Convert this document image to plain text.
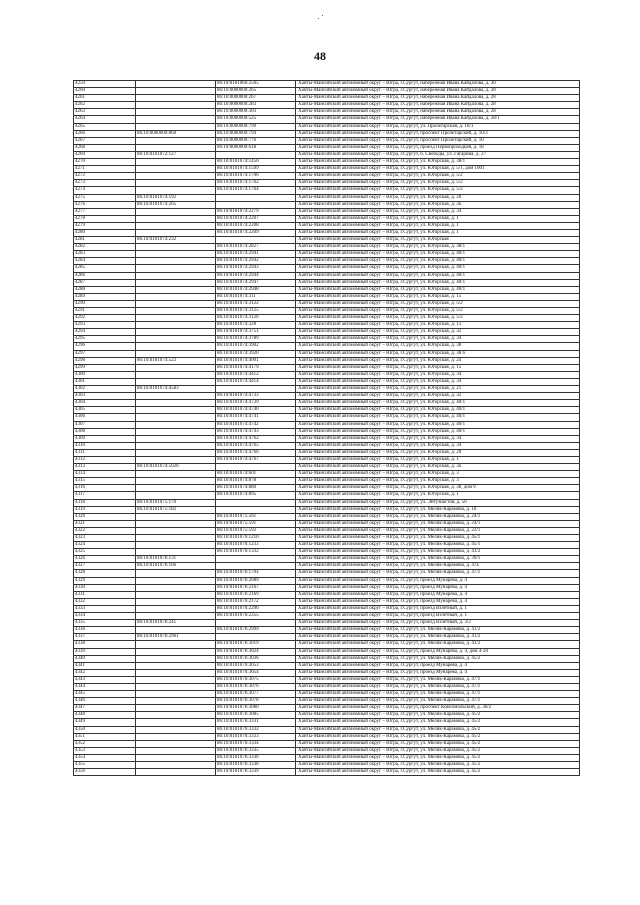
48
4259		86:10:0101066:2505	Ханты-Мансийский автономный округ – Югра, г.Сургут, набережная Ивана Кайдалова, д. 30
4260		86:10:0000000:265	Ханты-Мансийский автономный округ – Югра, г.Сургут, набережная Ивана Кайдалова, д. 28
4261		86:10:0000000:267	Ханты-Мансийский автономный округ – Югра, г.Сургут, набережная Ивана Кайдалова, д. 28
4262		86:10:0000000:283	Ханты-Мансийский автономный округ – Югра, г.Сургут, набережная Ивана Кайдалова, д. 28
4263		86:10:0000000:303	Ханты-Мансийский автономный округ – Югра, г.Сургут, набережная Ивана Кайдалова, д. 28
4264		86:10:0000000:525	Ханты-Мансийский автономный округ – Югра, г.Сургут, набережная Ивана Кайдалова, д. 28/1
4265		86:10:0000000:799	Ханты-Мансийский автономный округ – Югра, г.Сургут, ул. Пролетарская, д. 10/1
4266	86:10:0000000:860	86:10:0000000:794	Ханты-Мансийский автономный округ – Югра, г.Сургут, проспект Пролетарский, д. 10/3
4267		86:10:0000000:776	Ханты-Мансийский автономный округ – Югра, г.Сургут, проспект Пролетарский, д. 10
4268		86:10:0000000:618	Ханты-Мансийский автономный округ – Югра, г.Сургут, проезд Первопроходцев, д. 18
4269	86:10:0101072:127		Ханты-Мансийский автономный округ – Югра, г.Сургут, б. Свободы, ул. Гагарина, д. 27
4270		86:10:0101074:1450	Ханты-Мансийский автономный округ – Югра, г.Сургут, ул. Югорская, д. 38/1
4271		86:10:0101074:1599	Ханты-Мансийский автономный округ – Югра, г.Сургут, ул. Югорская, д. 5/1, дом 1001
4272		86:10:0101074:1706	Ханты-Мансийский автономный округ – Югра, г.Сургут, ул. Югорская, д. 5/2
4273		86:10:0101074:1762	Ханты-Мансийский автономный округ – Югра, г.Сургут, ул. Югорская, д. 5/2
4274		86:10:0101074:1764	Ханты-Мансийский автономный округ – Югра, г.Сургут, ул. Югорская, д. 5/2
4275	86:10:0101074:192		Ханты-Мансийский автономный округ – Югра, г.Сургут, ул. Югорская, д. 20
4276	86:10:0101074:205		Ханты-Мансийский автономный округ – Югра, г.Сургут, ул. Югорская, д. 3а
4277		86:10:0101074:2279	Ханты-Мансийский автономный округ – Югра, г.Сургут, ул. Югорская, д. 34
4278		86:10:0101074:2207	Ханты-Мансийский автономный округ – Югра, г.Сургут, ул. Югорская, д. 1
4279		86:10:0101074:2208	Ханты-Мансийский автономный округ – Югра, г.Сургут, ул. Югорская, д. 1
4280		86:10:0101074:2209	Ханты-Мансийский автономный округ – Югра, г.Сургут, ул. Югорская, д. 1
4281	86:10:0101074:232		Ханты-Мансийский автономный округ – Югра, г.Сургут, ул. Югорская
4282		86:10:0101074:2827	Ханты-Мансийский автономный округ – Югра, г.Сургут, ул. Югорская, д. 38/1
4283		86:10:0101074:2941	Ханты-Мансийский автономный округ – Югра, г.Сургут, ул. Югорская, д. 40/1
4284		86:10:0101074:2942	Ханты-Мансийский автономный округ – Югра, г.Сургут, ул. Югорская, д. 40/1
4285		86:10:0101074:2943	Ханты-Мансийский автономный округ – Югра, г.Сургут, ул. Югорская, д. 40/1
4286		86:10:0101074:2944	Ханты-Мансийский автономный округ – Югра, г.Сургут, ул. Югорская, д. 40/1
4287		86:10:0101074:2947	Ханты-Мансийский автономный округ – Югра, г.Сургут, ул. Югорская, д. 40/1
4288		86:10:0101074:2948	Ханты-Мансийский автономный округ – Югра, г.Сургут, ул. Югорская, д. 40/1
4289		86:10:0101074:311	Ханты-Мансийский автономный округ – Югра, г.Сургут, ул. Югорская, д. 15
4290		86:10:0101074:3122	Ханты-Мансийский автономный округ – Югра, г.Сургут, ул. Югорская, д. 5/2
4291		86:10:0101074:3125	Ханты-Мансийский автономный округ – Югра, г.Сургут, ул. Югорская, д. 5/2
4292		86:10:0101074:3126	Ханты-Мансийский автономный округ – Югра, г.Сургут, ул. Югорская, д. 5/2
4293		86:10:0101074:328	Ханты-Мансийский автономный округ – Югра, г.Сургут, ул. Югорская, д. 13
4294		86:10:0101074:3751	Ханты-Мансийский автономный округ – Югра, г.Сургут, ул. Югорская, д. 32
4295		86:10:0101074:3789	Ханты-Мансийский автономный округ – Югра, г.Сургут, ул. Югорская, д. 34
4296		86:10:0101074:3902	Ханты-Мансийский автономный округ – Югра, г.Сургут, ул. Югорская, д. 38
4297		86:10:0101074:3920	Ханты-Мансийский автономный округ – Югра, г.Сургут, ул. Югорская, д. 38 б
4298	86:10:0101074:522	86:10:0101074:4001	Ханты-Мансийский автономный округ – Югра, г.Сургут, ул. Югорская, д. 24
4299		86:10:0101074:4179	Ханты-Мансийский автономный округ – Югра, г.Сургут, ул. Югорская, д. 15
4300		86:10:0101074:4412	Ханты-Мансийский автономный округ – Югра, г.Сургут, ул. Югорская, д. 34
4301		86:10:0101074:4414	Ханты-Мансийский автономный округ – Югра, г.Сургут, ул. Югорская, д. 34
4302	86:10:0101074:4583		Ханты-Мансийский автономный округ – Югра, г.Сургут, ул. Югорская, д. 21
4303		86:10:0101074:4733	Ханты-Мансийский автономный округ – Югра, г.Сургут, ул. Югорская, д. 32
4304		86:10:0101074:4739	Ханты-Мансийский автономный округ – Югра, г.Сургут, ул. Югорская, д. 40/1
4305		86:10:0101074:4740	Ханты-Мансийский автономный округ – Югра, г.Сургут, ул. Югорская, д. 40/1
4306		86:10:0101074:4741	Ханты-Мансийский автономный округ – Югра, г.Сургут, ул. Югорская, д. 40/1
4307		86:10:0101074:4742	Ханты-Мансийский автономный округ – Югра, г.Сургут, ул. Югорская, д. 40/1
4308		86:10:0101074:4743	Ханты-Мансийский автономный округ – Югра, г.Сургут, ул. Югорская, д. 40/1
4309		86:10:0101074:4762	Ханты-Мансийский автономный округ – Югра, г.Сургут, ул. Югорская, д. 34
4310		86:10:0101074:4765	Ханты-Мансийский автономный округ – Югра, г.Сургут, ул. Югорская, д. 34
4311		86:10:0101074:4766	Ханты-Мансийский автономный округ – Югра, г.Сургут, ул. Югорская, д. 20
4312		86:10:0101074:4767	Ханты-Мансийский автономный округ – Югра, г.Сургут, ул. Югорская, д. 1
4313	86:10:0101074:5026		Ханты-Мансийский автономный округ – Югра, г.Сургут, ул. Югорская, д. 3а
4314		86:10:0101074:601	Ханты-Мансийский автономный округ – Югра, г.Сургут, ул. Югорская, д. 3
4315		86:10:0101074:878	Ханты-Мансийский автономный округ – Югра, г.Сургут, ул. Югорская, д. 3
4316		86:10:0101074:880	Ханты-Мансийский автономный округ – Югра, г.Сургут, ул. Югорская, д. 38, дом 9
4317		86:10:0101074:895	Ханты-Мансийский автономный округ – Югра, г.Сургут, ул. Югорская, д. 1
4318	86:10:0101075:170		Ханты-Мансийский автономный округ – Югра, г.Сургут, ул. Энтузиастов, д. 56
4319	86:10:0101075:182		Ханты-Мансийский автономный округ – Югра, г.Сургут, ул. Мелик-Карамова, д. 18
4320		86:10:0101075:561	Ханты-Мансийский автономный округ – Югра, г.Сургут, ул. Мелик-Карамова, д. 24/1
4321		86:10:0101075:591	Ханты-Мансийский автономный округ – Югра, г.Сургут, ул. Мелик-Карамова, д. 24/1
4322		86:10:0101075:592	Ханты-Мансийский автономный округ – Югра, г.Сургут, ул. Мелик-Карамова, д. 22/1
4323		86:10:0101076:1210	Ханты-Мансийский автономный округ – Югра, г.Сургут, ул. Мелик-Карамова, д. 45/1
4324		86:10:0101076:1233	Ханты-Мансийский автономный округ – Югра, г.Сургут, ул. Мелик-Карамова, д. 45/1
4325		86:10:0101076:1332	Ханты-Мансийский автономный округ – Югра, г.Сургут, ул. Мелик-Карамова, д. 41/2
4326	86:10:0101076:131		Ханты-Мансийский автономный округ – Югра, г.Сургут, ул. Мелик-Карамова, д. 39/1
4327	86:10:0101076:166		Ханты-Мансийский автономный округ – Югра, г.Сургут, ул. Мелик-Карамова, д. 47а
4328		86:10:0101076:1704	Ханты-Мансийский автономный округ – Югра, г.Сургут, ул. Мелик-Карамова, д. 47/1
4329		86:10:0101076:2089	Ханты-Мансийский автономный округ – Югра, г.Сургут, проезд Мунарева, д. 4
4330		86:10:0101076:2167	Ханты-Мансийский автономный округ – Югра, г.Сургут, проезд Мунарева, д. 4
4331		86:10:0101076:2169	Ханты-Мансийский автономный округ – Югра, г.Сургут, проезд Мунарева, д. 4
4332		86:10:0101076:2172	Ханты-Мансийский автономный округ – Югра, г.Сургут, проезд Мунарева, д. 4
4333		86:10:0101076:2296	Ханты-Мансийский автономный округ – Югра, г.Сургут, проезд Взлётный, д. 1
4334		86:10:0101076:2355	Ханты-Мансийский автономный округ – Югра, г.Сургут, проезд Взлётный, д. 1
4335	86:10:0101076:241		Ханты-Мансийский автономный округ – Югра, г.Сургут, проезд Взлётный, д. 3/2
4336		86:10:0101076:2999	Ханты-Мансийский автономный округ – Югра, г.Сургут, ул. Мелик-Карамова, д. 41/2
4337	86:10:0101076:2961		Ханты-Мансийский автономный округ – Югра, г.Сургут, ул. Мелик-Карамова, д. 41/2
4338		86:10:0101076:3019	Ханты-Мансийский автономный округ – Югра, г.Сургут, ул. Мелик-Карамова, д. 41/2
4339		86:10:0101076:3024	Ханты-Мансийский автономный округ – Югра, г.Сургут, проезд Мунарева, д. 4, дом 4-20
4340		86:10:0101076:3036	Ханты-Мансийский автономный округ – Югра, г.Сургут, ул. Мелик-Карамова, д. 45/2
4341		86:10:0101076:3053	Ханты-Мансийский автономный округ – Югра, г.Сургут, проезд Мунарева, д. 4
4342		86:10:0101076:3054	Ханты-Мансийский автономный округ – Югра, г.Сургут, проезд Мунарева, д. 4
4343		86:10:0101076:3075	Ханты-Мансийский автономный округ – Югра, г.Сургут, ул. Мелик-Карамова, д. 47/1
4344		86:10:0101076:3076	Ханты-Мансийский автономный округ – Югра, г.Сургут, ул. Мелик-Карамова, д. 47/1
4345		86:10:0101076:3077	Ханты-Мансийский автономный округ – Югра, г.Сургут, ул. Мелик-Карамова, д. 47/1
4346		86:10:0101076:3078	Ханты-Мансийский автономный округ – Югра, г.Сургут, ул. Мелик-Карамова, д. 47/1
4347		86:10:0101076:3080	Ханты-Мансийский автономный округ – Югра, г.Сургут, проспект Комсомольский, д. 36/2
4348		86:10:0101076:3085	Ханты-Мансийский автономный округ – Югра, г.Сургут, ул. Мелик-Карамова, д. 45/2
4349		86:10:0101076:3331	Ханты-Мансийский автономный округ – Югра, г.Сургут, ул. Мелик-Карамова, д. 45/2
4350		86:10:0101076:3332	Ханты-Мансийский автономный округ – Югра, г.Сургут, ул. Мелик-Карамова, д. 45/2
4351		86:10:0101076:3333	Ханты-Мансийский автономный округ – Югра, г.Сургут, ул. Мелик-Карамова, д. 45/2
4352		86:10:0101076:3334	Ханты-Мансийский автономный округ – Югра, г.Сургут, ул. Мелик-Карамова, д. 45/2
4353		86:10:0101076:3335	Ханты-Мансийский автономный округ – Югра, г.Сургут, ул. Мелик-Карамова, д. 45/2
4354		86:10:0101076:3336	Ханты-Мансийский автономный округ – Югра, г.Сургут, ул. Мелик-Карамова, д. 45/2
4355		86:10:0101076:3338	Ханты-Мансийский автономный округ – Югра, г.Сургут, ул. Мелик-Карамова, д. 45/2
4356		86:10:0101076:3339	Ханты-Мансийский автономный округ – Югра, г.Сургут, ул. Мелик-Карамова, д. 45/2
